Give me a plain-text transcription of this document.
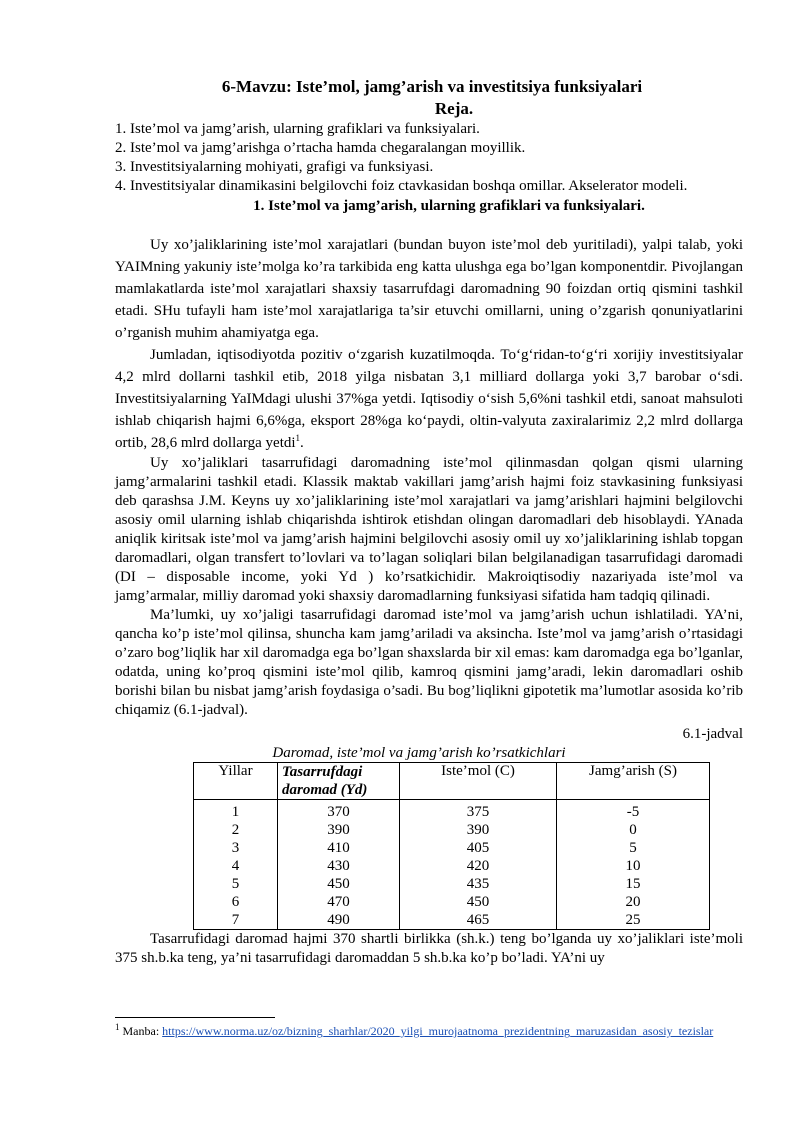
6-Mavzu: Iste’mol, jamg’arish va investitsiya funksiyalari
Reja.
1. Iste’mol va jamg’arish, ularning grafiklari va funksiyalari.
2. Iste’mol va jamg’arishga o’rtacha hamda chegaralangan moyillik.
3. Investitsiyalarning mohiyati, grafigi va funksiyasi.
4. Investitsiyalar dinamikasini belgilovchi foiz ctavkasidan boshqa omillar. Akselerator modeli.
1. Iste’mol va jamg’arish, ularning grafiklari va funksiyalari.

Uy xo’jaliklarining iste’mol xarajatlari (bundan buyon iste’mol deb yuritiladi), yalpi talab, yoki YAIMning yakuniy iste’molga ko’ra tarkibida eng katta ulushga ega bo’lgan komponentdir. Pivojlangan mamlakatlarda iste’mol xarajatlari shaxsiy tasarrufdagi daromadning 90 foizdan ortiq qismini tashkil etadi. SHu tufayli ham iste’mol xarajatlariga ta’sir etuvchi omillarni, uning o’zgarish qonuniyatlarini o’rganish muhim ahamiyatga ega.

Jumladan, iqtisodiyotda pozitiv o‘zgarish kuzatilmoqda. To‘g‘ridan-to‘g‘ri xorijiy investitsiyalar 4,2 mlrd dollarni tashkil etib, 2018 yilga nisbatan 3,1 milliard dollarga yoki 3,7 barobar o‘sdi. Investitsiyalarning YaIMdagi ulushi 37%ga yetdi. Iqtisodiy o‘sish 5,6%ni tashkil etdi, sanoat mahsuloti ishlab chiqarish hajmi 6,6%ga, eksport 28%ga ko‘paydi, oltin-valyuta zaxiralarimiz 2,2 mlrd dollarga ortib, 28,6 mlrd dollarga yetdi$^1$.

Uy xo’jaliklari tasarrufidagi daromadning iste’mol qilinmasdan qolgan qismi ularning jamg’armalarini tashkil etadi. Klassik maktab vakillari jamg’arish hajmi foiz stavkasining funksiyasi deb qarashsa J.M. Keyns uy xo’jaliklarining iste’mol xarajatlari va jamg’arishlari hajmini belgilovchi asosiy omil ularning ishlab chiqarishda ishtirok etishdan olingan daromadlari deb hisoblaydi. YAnada aniqlik kiritsak iste’mol va jamg’arish hajmini belgilovchi asosiy omil uy xo’jaliklarining ishlab topgan daromadlari, olgan transfert to’lovlari va to’lagan soliqlari bilan belgilanadigan tasarrufidagi daromadi (DI – disposable income, yoki Yd ) ko’rsatkichidir. Makroiqtisodiy nazariyada iste’mol va jamg’armalar, milliy daromad yoki shaxsiy daromadlarning funksiyasi sifatida ham tadqiq qilinadi.

Ma’lumki, uy xo’jaligi tasarrufidagi daromad iste’mol va jamg’arish uchun ishlatiladi. YA’ni, qancha ko’p iste’mol qilinsa, shuncha kam jamg’ariladi va aksincha. Iste’mol va jamg’arish o’rtasidagi o’zaro bog’liqlik har xil daromadga ega bo’lgan shaxslarda bir xil emas: kam daromadga ega bo’lganlar, odatda, uning ko’proq qismini iste’mol qilib, kamroq qismini jamg’aradi, lekin daromadlari oshib borishi bilan bu nisbat jamg’arish foydasiga o’sadi. Bu bog’liqlikni gipotetik ma’lumotlar asosida ko’rib chiqamiz (6.1-jadval).

6.1-jadval
Daromad, iste’mol va jamg’arish ko’rsatkichlari
Yillar	Tasarrufdagi daromad (Yd)	Iste’mol (C)	Jamg’arish (S)
1	370	375	-5
2	390	390	0
3	410	405	5
4	430	420	10
5	450	435	15
6	470	450	20
7	490	465	25

Tasarrufidagi daromad hajmi 370 shartli birlikka (sh.k.) teng bo’lganda uy xo’jaliklari iste’moli 375 sh.b.ka teng, ya’ni tasarrufidagi daromaddan 5 sh.b.ka ko’p bo’ladi. YA’ni uy

$^1$ Manba: https://www.norma.uz/oz/bizning_sharhlar/2020_yilgi_murojaatnoma_prezidentning_maruzasidan_asosiy_tezislar
